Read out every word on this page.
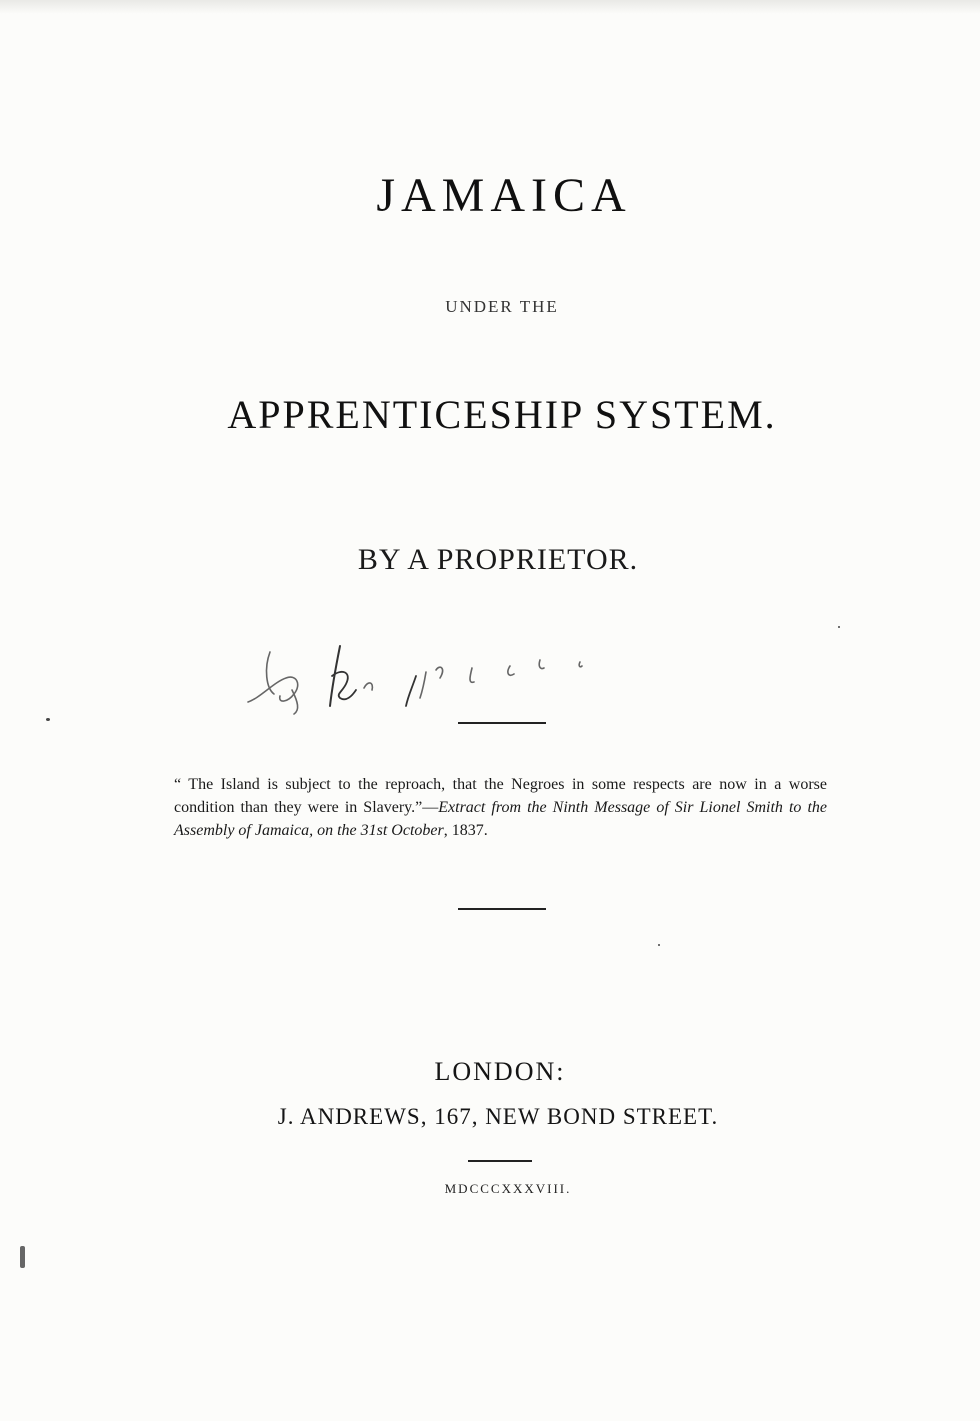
JAMAICA
UNDER THE
APPRENTICESHIP SYSTEM.
BY A PROPRIETOR.
“ The Island is subject to the reproach, that the Negroes in some respects are now in a worse condition than they were in Slavery.”—Extract from the Ninth Message of Sir Lionel Smith to the Assembly of Jamaica, on the 31st October, 1837.
LONDON:
J. ANDREWS, 167, NEW BOND STREET.
MDCCCXXXVIII.
